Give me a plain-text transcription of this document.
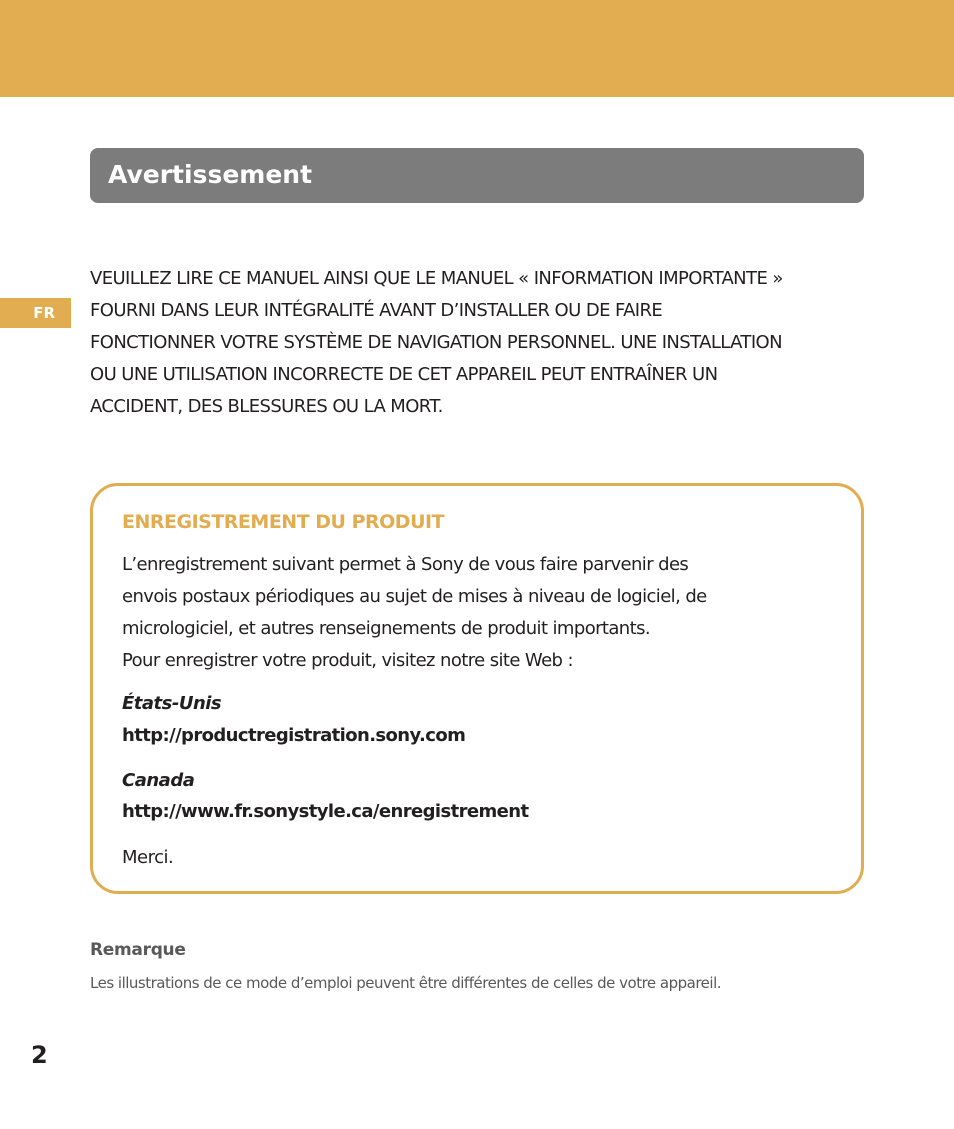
Avertissement
FR

VEUILLEZ LIRE CE MANUEL AINSI QUE LE MANUEL « INFORMATION IMPORTANTE »
FOURNI DANS LEUR INTÉGRALITÉ AVANT D’INSTALLER OU DE FAIRE
FONCTIONNER VOTRE SYSTÈME DE NAVIGATION PERSONNEL. UNE INSTALLATION
OU UNE UTILISATION INCORRECTE DE CET APPAREIL PEUT ENTRAÎNER UN
ACCIDENT, DES BLESSURES OU LA MORT.

ENREGISTREMENT DU PRODUIT

L’enregistrement suivant permet à Sony de vous faire parvenir des
envois postaux périodiques au sujet de mises à niveau de logiciel, de
micrologiciel, et autres renseignements de produit importants.
Pour enregistrer votre produit, visitez notre site Web :

États-Unis

http://productregistration.sony.com

Canada

http://www.fr.sonystyle.ca/enregistrement

Merci.

Remarque

Les illustrations de ce mode d’emploi peuvent être différentes de celles de votre appareil.

2
